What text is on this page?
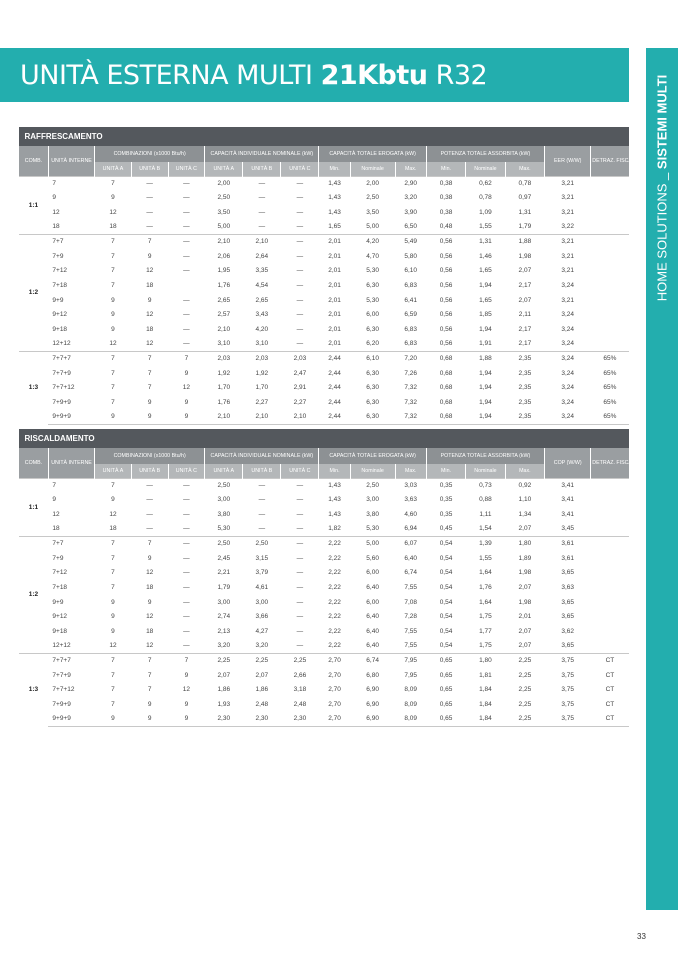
UNITÀ ESTERNA MULTI 21Kbtu R32
HOME SOLUTIONS _ SISTEMI MULTI
RAFFRESCAMENTO															
COMB.	UNITÀ INTERNE	COMBINAZIONI (x1000 Btu/h)			CAPACITÀ INDIVIDUALE NOMINALE (kW)			CAPACITÀ TOTALE EROGATA (kW)			POTENZA TOTALE ASSORBITA (kW)			EER (W/W)	DETRAZ. FISCALI
		UNITÀ A	UNITÀ B	UNITÀ C	UNITÀ A	UNITÀ B	UNITÀ C	Min.	Nominale	Max.	Min.	Nominale	Max.		
1:1	7	7	—	—	2,00	—	—	1,43	2,00	2,90	0,38	0,62	0,78	3,21	
	9	9	—	—	2,50	—	—	1,43	2,50	3,20	0,38	0,78	0,97	3,21	
	12	12	—	—	3,50	—	—	1,43	3,50	3,90	0,38	1,09	1,31	3,21	
	18	18	—	—	5,00	—	—	1,65	5,00	6,50	0,48	1,55	1,79	3,22	
1:2	7+7	7	7	—	2,10	2,10	—	2,01	4,20	5,49	0,56	1,31	1,88	3,21	
	7+9	7	9	—	2,06	2,64	—	2,01	4,70	5,80	0,56	1,46	1,98	3,21	
	7+12	7	12	—	1,95	3,35	—	2,01	5,30	6,10	0,56	1,65	2,07	3,21	
	7+18	7	18		1,76	4,54	—	2,01	6,30	6,83	0,56	1,94	2,17	3,24	
	9+9	9	9	—	2,65	2,65	—	2,01	5,30	6,41	0,56	1,65	2,07	3,21	
	9+12	9	12	—	2,57	3,43	—	2,01	6,00	6,59	0,56	1,85	2,11	3,24	
	9+18	9	18	—	2,10	4,20	—	2,01	6,30	6,83	0,56	1,94	2,17	3,24	
	12+12	12	12	—	3,10	3,10	—	2,01	6,20	6,83	0,56	1,91	2,17	3,24	
1:3	7+7+7	7	7	7	2,03	2,03	2,03	2,44	6,10	7,20	0,68	1,88	2,35	3,24	65%
	7+7+9	7	7	9	1,92	1,92	2,47	2,44	6,30	7,26	0,68	1,94	2,35	3,24	65%
	7+7+12	7	7	12	1,70	1,70	2,91	2,44	6,30	7,32	0,68	1,94	2,35	3,24	65%
	7+9+9	7	9	9	1,76	2,27	2,27	2,44	6,30	7,32	0,68	1,94	2,35	3,24	65%
	9+9+9	9	9	9	2,10	2,10	2,10	2,44	6,30	7,32	0,68	1,94	2,35	3,24	65%
RISCALDAMENTO															
COMB.	UNITÀ INTERNE	COMBINAZIONI (x1000 Btu/h)			CAPACITÀ INDIVIDUALE NOMINALE (kW)			CAPACITÀ TOTALE EROGATA (kW)			POTENZA TOTALE ASSORBITA (kW)			COP (W/W)	DETRAZ. FISCALI
		UNITÀ A	UNITÀ B	UNITÀ C	UNITÀ A	UNITÀ B	UNITÀ C	Min.	Nominale	Max.	Min.	Nominale	Max.		
1:1	7	7	—	—	2,50	—	—	1,43	2,50	3,03	0,35	0,73	0,92	3,41	
	9	9	—	—	3,00	—	—	1,43	3,00	3,63	0,35	0,88	1,10	3,41	
	12	12	—	—	3,80	—	—	1,43	3,80	4,60	0,35	1,11	1,34	3,41	
	18	18	—	—	5,30	—	—	1,82	5,30	6,94	0,45	1,54	2,07	3,45	
1:2	7+7	7	7	—	2,50	2,50	—	2,22	5,00	6,07	0,54	1,39	1,80	3,61	
	7+9	7	9	—	2,45	3,15	—	2,22	5,60	6,40	0,54	1,55	1,89	3,61	
	7+12	7	12	—	2,21	3,79	—	2,22	6,00	6,74	0,54	1,64	1,98	3,65	
	7+18	7	18	—	1,79	4,61	—	2,22	6,40	7,55	0,54	1,76	2,07	3,63	
	9+9	9	9	—	3,00	3,00	—	2,22	6,00	7,08	0,54	1,64	1,98	3,65	
	9+12	9	12	—	2,74	3,66	—	2,22	6,40	7,28	0,54	1,75	2,01	3,65	
	9+18	9	18	—	2,13	4,27	—	2,22	6,40	7,55	0,54	1,77	2,07	3,62	
	12+12	12	12	—	3,20	3,20	—	2,22	6,40	7,55	0,54	1,75	2,07	3,65	
1:3	7+7+7	7	7	7	2,25	2,25	2,25	2,70	6,74	7,95	0,65	1,80	2,25	3,75	CT
	7+7+9	7	7	9	2,07	2,07	2,66	2,70	6,80	7,95	0,65	1,81	2,25	3,75	CT
	7+7+12	7	7	12	1,86	1,86	3,18	2,70	6,90	8,09	0,65	1,84	2,25	3,75	CT
	7+9+9	7	9	9	1,93	2,48	2,48	2,70	6,90	8,09	0,65	1,84	2,25	3,75	CT
	9+9+9	9	9	9	2,30	2,30	2,30	2,70	6,90	8,09	0,65	1,84	2,25	3,75	CT
33
